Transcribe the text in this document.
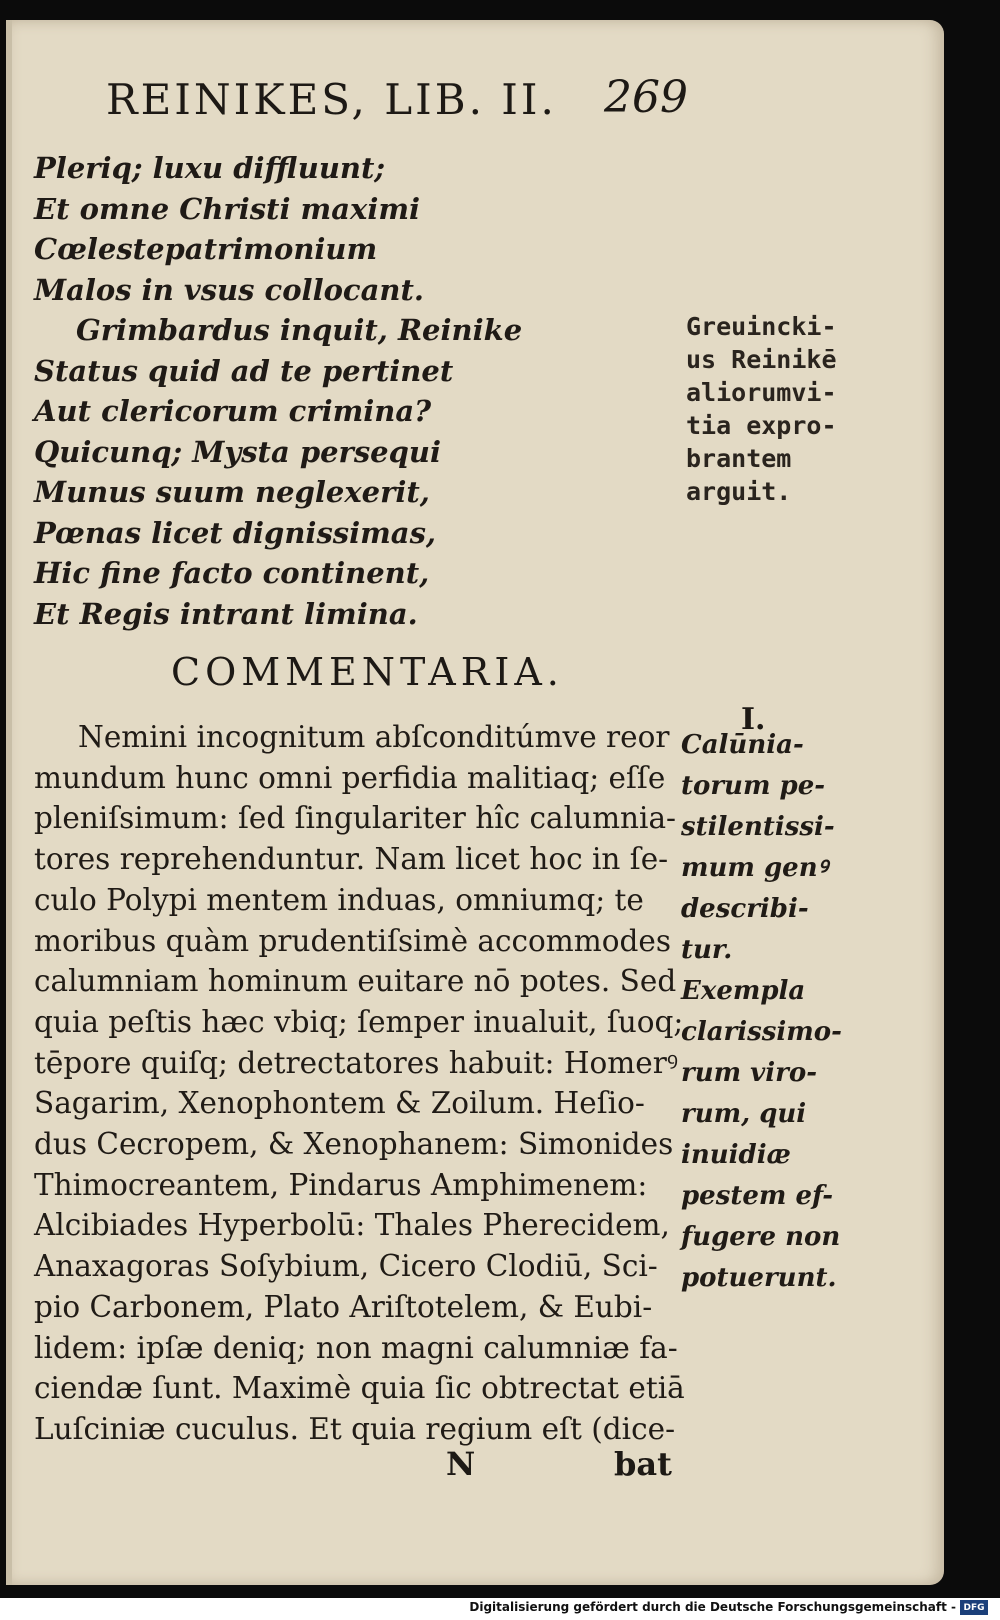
REINIKES, LIB. II.	269
Pleriq; luxu diffluunt;
Et omne Christi maximi
Cœlestepatrimonium
Malos in vsus collocant.
Grimbardus inquit, Reinike
Status quid ad te pertinet
Aut clericorum crimina?
Quicunq; Mysta persequi
Munus suum neglexerit,
Pœnas licet dignissimas,
Hic fine facto continent,
Et Regis intrant limina.
Greuincki-
us Reinikē
aliorumvi-
tia expro-
brantem
arguit.
COMMENTARIA.
I.
Nemini incognitum abſconditúmve reor
mundum hunc omni perfidia malitiaq; eſſe
pleniſsimum: ſed ſingulariter hîc calumnia-
tores reprehenduntur. Nam licet hoc in ſe-
culo Polypi mentem induas, omniumq; te
moribus quàm prudentiſsimè accommodes
calumniam hominum euitare nō potes. Sed
quia peſtis hæc vbiq; ſemper inualuit, ſuoq;
tēpore quiſq; detrectatores habuit: Homerꝰ
Sagarim, Xenophontem & Zoilum. Heſio-
dus Cecropem, & Xenophanem: Simonides
Thimocreantem, Pindarus Amphimenem:
Alcibiades Hyperbolū: Thales Pherecidem,
Anaxagoras Soſybium, Cicero Clodiū, Sci-
pio Carbonem, Plato Ariſtotelem, & Eubi-
lidem: ipſæ deniq; non magni calumniæ fa-
ciendæ ſunt. Maximè quia ſic obtrectat etiā
Luſciniæ cuculus. Et quia regium eſt (dice-
Calūnia-
torum pe-
stilentissi-
mum genꝰ
describi-
tur.
Exempla
clarissimo-
rum viro-
rum, qui
inuidiæ
pestem ef-
fugere non
potuerunt.
N	bat
Digitalisierung gefördert durch die Deutsche Forschungsgemeinschaft - DFG
